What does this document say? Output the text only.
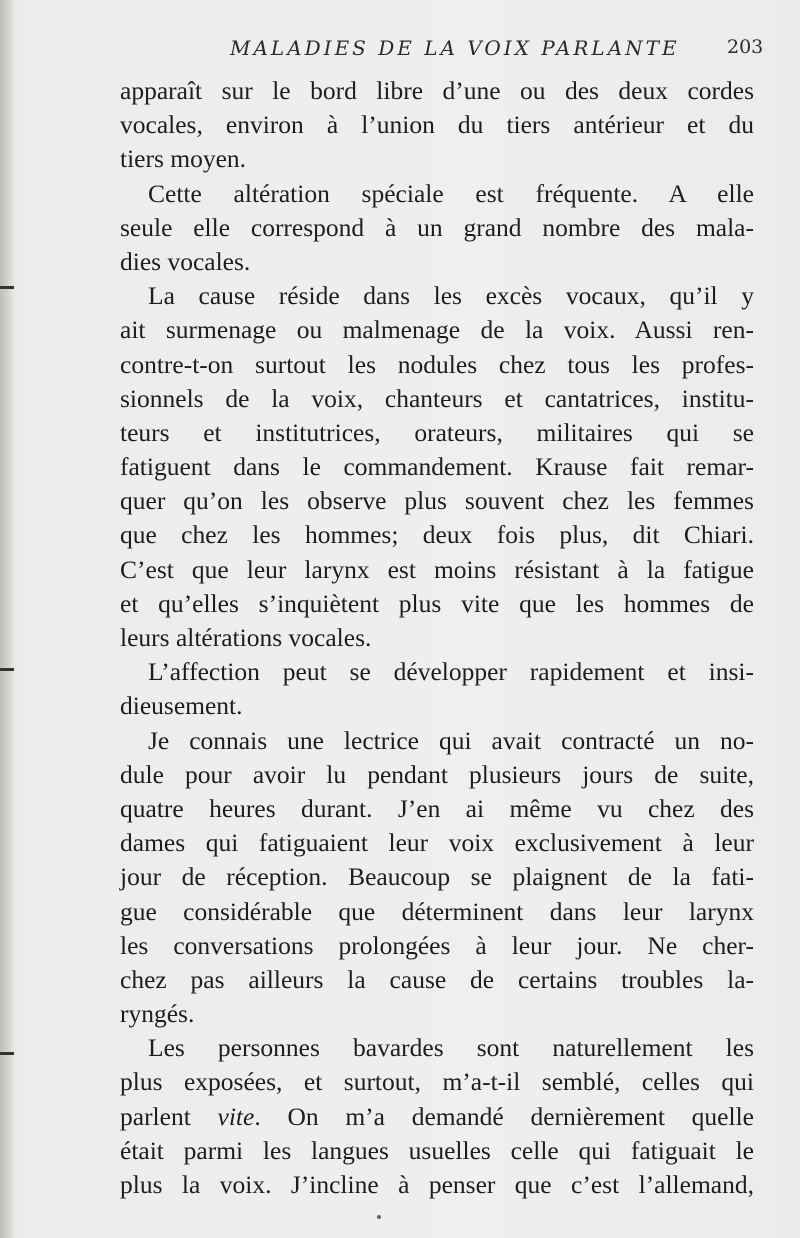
MALADIES DE LA VOIX PARLANTE 203
apparaît sur le bord libre d’une ou des deux cordes
vocales, environ à l’union du tiers antérieur et du
tiers moyen.
Cette altération spéciale est fréquente. A elle
seule elle correspond à un grand nombre des mala-
dies vocales.
La cause réside dans les excès vocaux, qu’il y
ait surmenage ou malmenage de la voix. Aussi ren-
contre-t-on surtout les nodules chez tous les profes-
sionnels de la voix, chanteurs et cantatrices, institu-
teurs et institutrices, orateurs, militaires qui se
fatiguent dans le commandement. Krause fait remar-
quer qu’on les observe plus souvent chez les femmes
que chez les hommes; deux fois plus, dit Chiari.
C’est que leur larynx est moins résistant à la fatigue
et qu’elles s’inquiètent plus vite que les hommes de
leurs altérations vocales.
L’affection peut se développer rapidement et insi-
dieusement.
Je connais une lectrice qui avait contracté un no-
dule pour avoir lu pendant plusieurs jours de suite,
quatre heures durant. J’en ai même vu chez des
dames qui fatiguaient leur voix exclusivement à leur
jour de réception. Beaucoup se plaignent de la fati-
gue considérable que déterminent dans leur larynx
les conversations prolongées à leur jour. Ne cher-
chez pas ailleurs la cause de certains troubles la-
ryngés.
Les personnes bavardes sont naturellement les
plus exposées, et surtout, m’a-t-il semblé, celles qui
parlent vite. On m’a demandé dernièrement quelle
était parmi les langues usuelles celle qui fatiguait le
plus la voix. J’incline à penser que c’est l’allemand,
